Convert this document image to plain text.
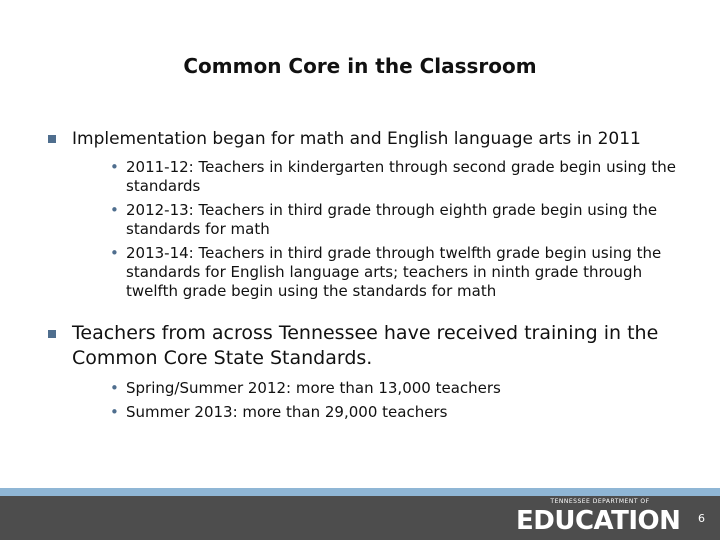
Common Core in the Classroom
Implementation began for math and English language arts in 2011
• 2011-12: Teachers in kindergarten through second grade begin using the standards
• 2012-13: Teachers in third grade through eighth grade begin using the standards for math
• 2013-14: Teachers in third grade through twelfth grade begin using the standards for English language arts; teachers in ninth grade through twelfth grade begin using the standards for math
Teachers from across Tennessee have received training in the Common Core State Standards.
• Spring/Summer 2012: more than 13,000 teachers
• Summer 2013: more than 29,000 teachers
TENNESSEE DEPARTMENT OF
EDUCATION 6
